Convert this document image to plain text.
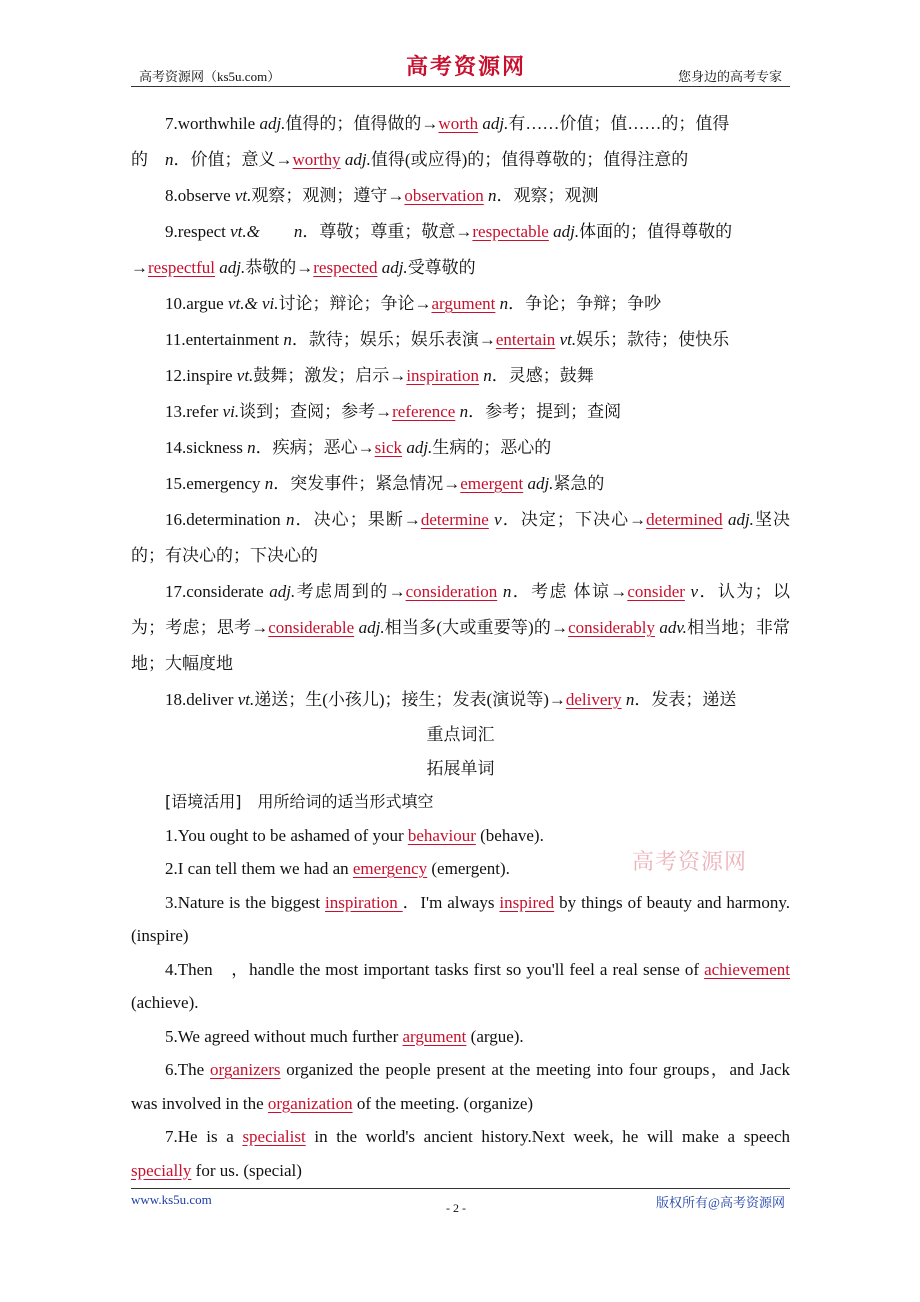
高考资源网（ks5u.com）	高考资源网	您身边的高考专家

7.worthwhile adj.值得的；值得做的→worth adj.有……价值；值……的；值得

的　n．价值；意义→worthy adj.值得(或应得)的；值得尊敬的；值得注意的

8.observe vt.观察；观测；遵守→observation n．观察；观测

9.respect vt.&　　 n．尊敬；尊重；敬意→respectable adj.体面的；值得尊敬的

→respectful adj.恭敬的→respected adj.受尊敬的

10.argue vt.& vi.讨论；辩论；争论→argument n．争论；争辩；争吵

11.entertainment n．款待；娱乐；娱乐表演→entertain vt.娱乐；款待；使快乐

12.inspire vt.鼓舞；激发；启示→inspiration n．灵感；鼓舞

13.refer vi.谈到；查阅；参考→reference n．参考；提到；查阅

14.sickness n．疾病；恶心→sick adj.生病的；恶心的

15.emergency n．突发事件；紧急情况→emergent adj.紧急的

16.determination n．决心；果断→determine v．决定；下决心→determined adj.坚决的；有决心的；下决心的

17.considerate adj.考虑周到的→consideration n．考虑 体谅→consider v．认为；以为；考虑；思考→considerable adj.相当多(大或重要等)的→considerably adv.相当地；非常地；大幅度地

18.deliver vt.递送；生(小孩儿)；接生；发表(演说等)→delivery n．发表；递送

重点词汇

拓展单词

[语境活用]　用所给词的适当形式填空

1.You ought to be ashamed of your behaviour (behave).

2.I can tell them we had an emergency (emergent).

3.Nature is the biggest inspiration ．I'm always inspired by things of beauty and harmony. (inspire)

4.Then　，handle the most important tasks first so you'll feel a real sense of achievement (achieve).

5.We agreed without much further argument (argue).

6.The organizers organized the people present at the meeting into four groups，and Jack was involved in the organization of the meeting. (organize)

7.He is a specialist in the world's ancient history.Next week, he will make a speech specially for us. (special)

高考资源网
www.ks5u.com
- 2 -	版权所有@高考资源网
